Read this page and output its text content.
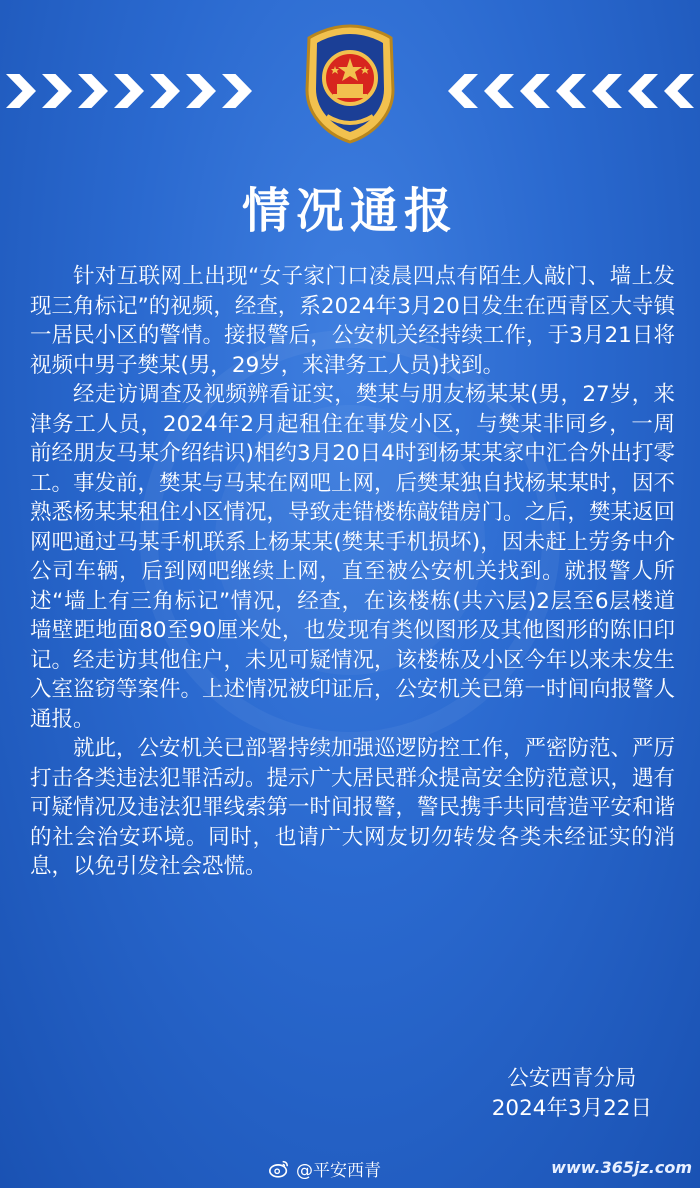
情况通报

针对互联网上出现“女子家门口凌晨四点有陌生人敲门、墙上发现三角标记”的视频，经查，系2024年3月20日发生在西青区大寺镇一居民小区的警情。接报警后，公安机关经持续工作，于3月21日将视频中男子樊某(男，29岁，来津务工人员)找到。

经走访调查及视频辨看证实，樊某与朋友杨某某(男，27岁，来津务工人员，2024年2月起租住在事发小区，与樊某非同乡，一周前经朋友马某介绍结识)相约3月20日4时到杨某某家中汇合外出打零工。事发前，樊某与马某在网吧上网，后樊某独自找杨某某时，因不熟悉杨某某租住小区情况，导致走错楼栋敲错房门。之后，樊某返回网吧通过马某手机联系上杨某某(樊某手机损坏)，因未赶上劳务中介公司车辆，后到网吧继续上网，直至被公安机关找到。就报警人所述“墙上有三角标记”情况，经查，在该楼栋(共六层)2层至6层楼道墙壁距地面80至90厘米处，也发现有类似图形及其他图形的陈旧印记。经走访其他住户，未见可疑情况，该楼栋及小区今年以来未发生入室盗窃等案件。上述情况被印证后，公安机关已第一时间向报警人通报。

就此，公安机关已部署持续加强巡逻防控工作，严密防范、严厉打击各类违法犯罪活动。提示广大居民群众提高安全防范意识，遇有可疑情况及违法犯罪线索第一时间报警，警民携手共同营造平安和谐的社会治安环境。同时，也请广大网友切勿转发各类未经证实的消息，以免引发社会恐慌。

公安西青分局
2024年3月22日
@平安西青	www.365jz.com
